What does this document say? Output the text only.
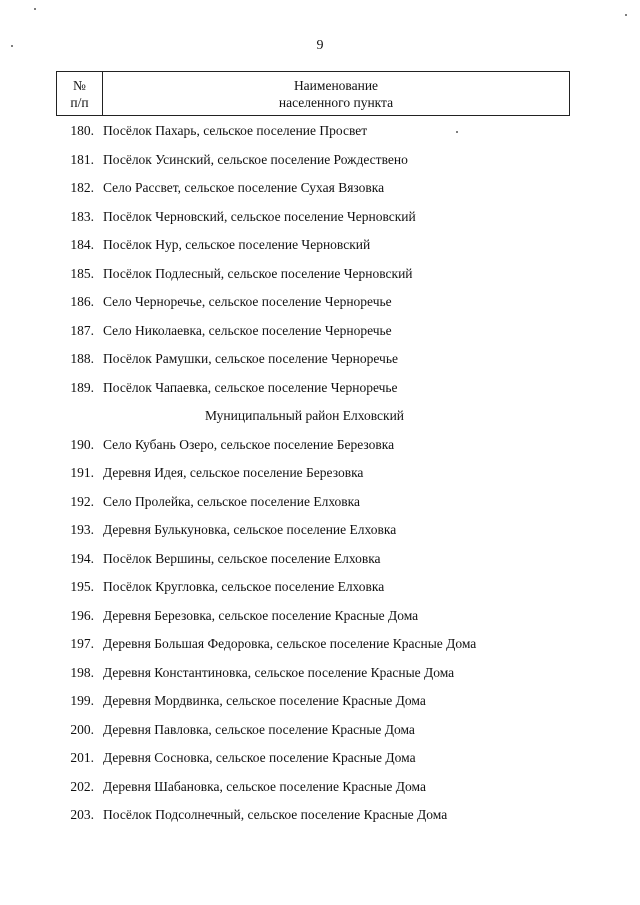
9
№
п/п
Наименование
населенного пункта
180. Посёлок Пахарь, сельское поселение Просвет
181. Посёлок Усинский, сельское поселение Рождествено
182. Село Рассвет, сельское поселение Сухая Вязовка
183. Посёлок Черновский, сельское поселение Черновский
184. Посёлок Нур, сельское поселение Черновский
185. Посёлок Подлесный, сельское поселение Черновский
186. Село Черноречье, сельское поселение Черноречье
187. Село Николаевка, сельское поселение Черноречье
188. Посёлок Рамушки, сельское поселение Черноречье
189. Посёлок Чапаевка, сельское поселение Черноречье
Муниципальный район Елховский
190. Село Кубань Озеро, сельское поселение Березовка
191. Деревня Идея, сельское поселение Березовка
192. Село Пролейка, сельское поселение Елховка
193. Деревня Булькуновка, сельское поселение Елховка
194. Посёлок Вершины, сельское поселение Елховка
195. Посёлок Кругловка, сельское поселение Елховка
196. Деревня Березовка, сельское поселение Красные Дома
197. Деревня Большая Федоровка, сельское поселение Красные Дома
198. Деревня Константиновка, сельское поселение Красные Дома
199. Деревня Мордвинка, сельское поселение Красные Дома
200. Деревня Павловка, сельское поселение Красные Дома
201. Деревня Сосновка, сельское поселение Красные Дома
202. Деревня Шабановка, сельское поселение Красные Дома
203. Посёлок Подсолнечный, сельское поселение Красные Дома
